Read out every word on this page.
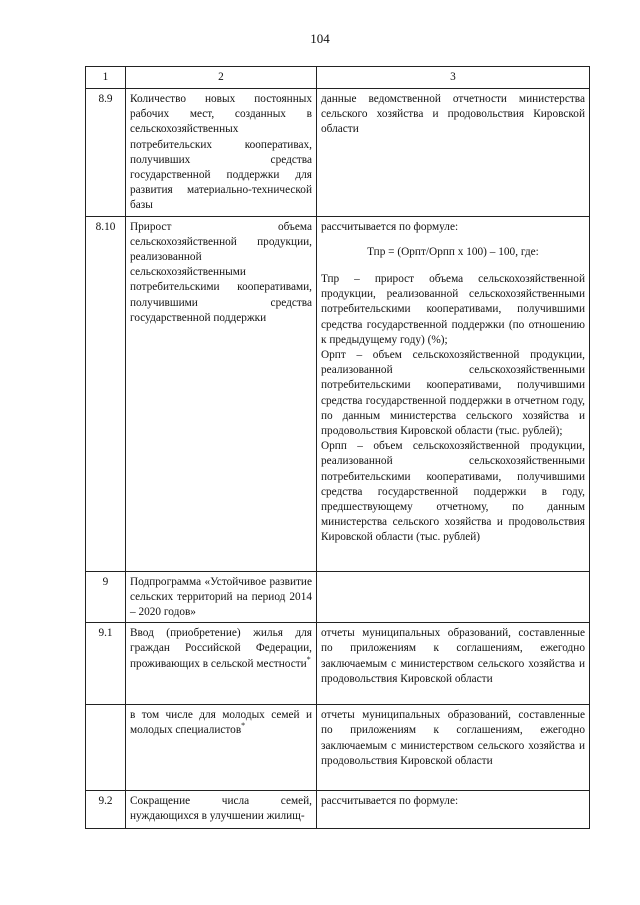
104
1	2	3
8.9	Количество новых постоянных рабочих мест, созданных в сельскохозяйственных потребительских кооперативах, получивших средства государственной поддержки для развития материально-технической базы	данные ведомственной отчетности министерства сельского хозяйства и продовольствия Кировской области
8.10	Прирост объема сельскохозяйственной продукции, реализованной сельскохозяйственными потребительскими кооперативами, получившими средства государственной поддержки	рассчитывается по формуле:
Тпр = (Орпт/Орпп х 100) – 100, где:
Тпр – прирост объема сельскохозяйственной продукции, реализованной сельскохозяйственными потребительскими кооперативами, получившими средства государственной поддержки (по отношению к предыдущему году) (%);
Орпт – объем сельскохозяйственной продукции, реализованной сельскохозяйственными потребительскими кооперативами, получившими средства государственной поддержки в отчетном году, по данным министерства сельского хозяйства и продовольствия Кировской области (тыс. рублей);
Орпп – объем сельскохозяйственной продукции, реализованной сельскохозяйственными потребительскими кооперативами, получившими средства государственной поддержки в году, предшествующему отчетному, по данным министерства сельского хозяйства и продовольствия Кировской области (тыс. рублей)

9	Подпрограмма «Устойчивое развитие сельских территорий на период 2014 – 2020 годов»	
9.1	Ввод (приобретение) жилья для граждан Российской Федерации, проживающих в сельской местности*	отчеты муниципальных образований, составленные по приложениям к соглашениям, ежегодно заключаемым с министерством сельского хозяйства и продовольствия Кировской области
	в том числе для молодых семей и молодых специалистов*	отчеты муниципальных образований, составленные по приложениям к соглашениям, ежегодно заключаемым с министерством сельского хозяйства и продовольствия Кировской области
9.2	Сокращение числа семей, нуждающихся в улучшении жилищ-	рассчитывается по формуле:
